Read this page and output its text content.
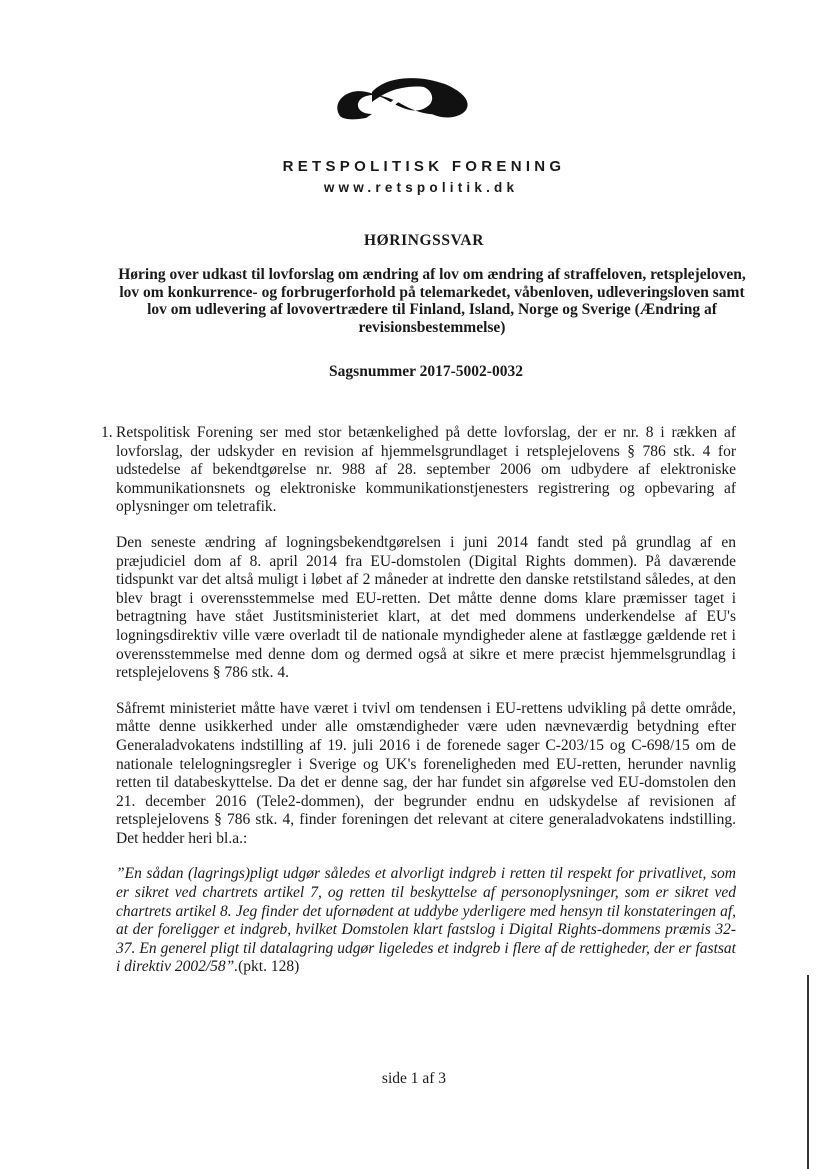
RETSPOLITISK FORENING
www.retspolitik.dk
HØRINGSSVAR
Høring over udkast til lovforslag om ændring af lov om ændring af straffeloven, retsplejeloven, lov om konkurrence- og forbrugerforhold på telemarkedet, våbenloven, udleveringsloven samt lov om udlevering af lovovertrædere til Finland, Island, Norge og Sverige (Ændring af revisionsbestemmelse)
Sagsnummer 2017-5002-0032

1. Retspolitisk Forening ser med stor betænkelighed på dette lovforslag, der er nr. 8 i rækken af lovforslag, der udskyder en revision af hjemmelsgrundlaget i retsplejelovens § 786 stk. 4 for udstedelse af bekendtgørelse nr. 988 af 28. september 2006 om udbydere af elektroniske kommunikationsnets og elektroniske kommunikationstjenesters registrering og opbevaring af oplysninger om teletrafik.

Den seneste ændring af logningsbekendtgørelsen i juni 2014 fandt sted på grundlag af en præjudiciel dom af 8. april 2014 fra EU-domstolen (Digital Rights dommen). På daværende tidspunkt var det altså muligt i løbet af 2 måneder at indrette den danske retstilstand således, at den blev bragt i overensstemmelse med EU-retten. Det måtte denne doms klare præmisser taget i betragtning have stået Justitsministeriet klart, at det med dommens underkendelse af EU's logningsdirektiv ville være overladt til de nationale myndigheder alene at fastlægge gældende ret i overensstemmelse med denne dom og dermed også at sikre et mere præcist hjemmelsgrundlag i retsplejelovens § 786 stk. 4.

Såfremt ministeriet måtte have været i tvivl om tendensen i EU-rettens udvikling på dette område, måtte denne usikkerhed under alle omstændigheder være uden nævneværdig betydning efter Generaladvokatens indstilling af 19. juli 2016 i de forenede sager C-203/15 og C-698/15 om de nationale telelogningsregler i Sverige og UK's foreneligheden med EU-retten, herunder navnlig retten til databeskyttelse. Da det er denne sag, der har fundet sin afgørelse ved EU-domstolen den 21. december 2016 (Tele2-dommen), der begrunder endnu en udskydelse af revisionen af retsplejelovens § 786 stk. 4, finder foreningen det relevant at citere generaladvokatens indstilling. Det hedder heri bl.a.:

”En sådan (lagrings)pligt udgør således et alvorligt indgreb i retten til respekt for privatlivet, som er sikret ved chartrets artikel 7, og retten til beskyttelse af personoplysninger, som er sikret ved chartrets artikel 8. Jeg finder det ufornødent at uddybe yderligere med hensyn til konstateringen af, at der foreligger et indgreb, hvilket Domstolen klart fastslog i Digital Rights-dommens præmis 32-37. En generel pligt til datalagring udgør ligeledes et indgreb i flere af de rettigheder, der er fastsat i direktiv 2002/58”.(pkt. 128)

side 1 af 3
